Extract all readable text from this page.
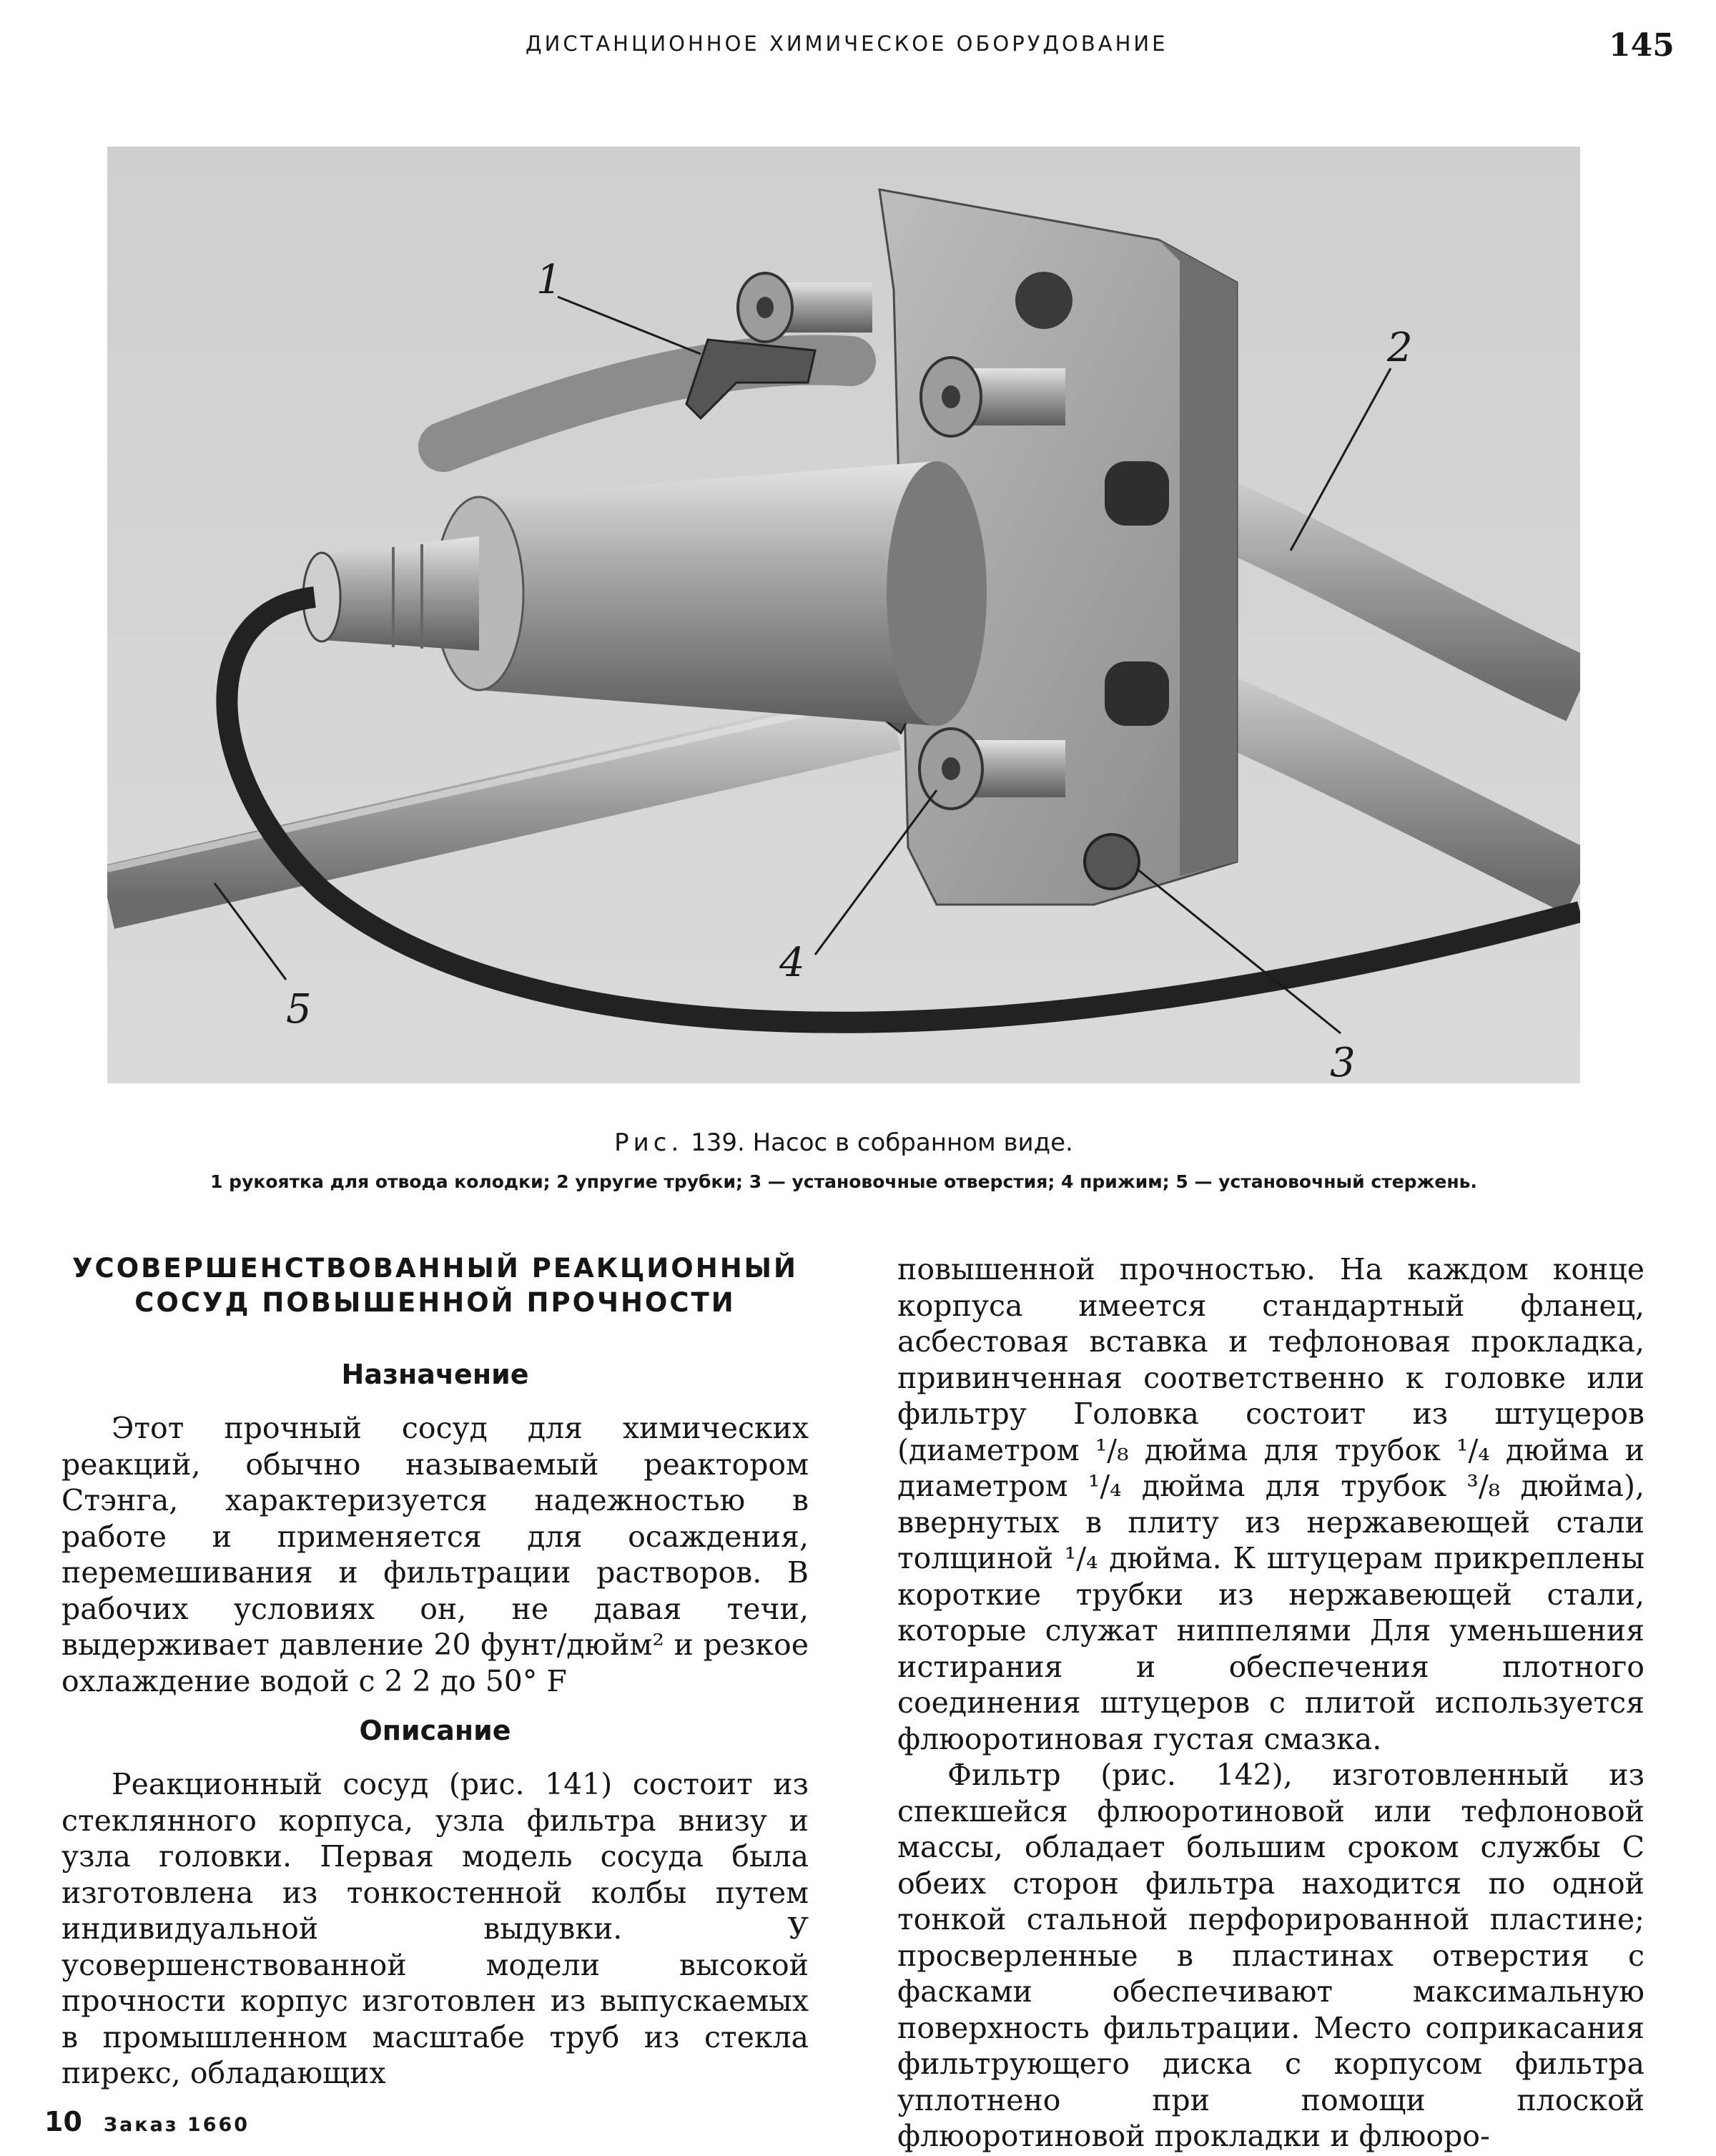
ДИСТАНЦИОННОЕ ХИМИЧЕСКОЕ ОБОРУДОВАНИЕ	145
1
2
3
4
5
Рис. 139. Насос в собранном виде.
1 рукоятка для отвода колодки; 2 упругие трубки; 3 — установочные отверстия; 4 прижим; 5 — установочный стержень.
УСОВЕРШЕНСТВОВАННЫЙ РЕАКЦИОННЫЙ СОСУД ПОВЫШЕННОЙ ПРОЧНОСТИ
Назначение

Этот прочный сосуд для химических реакций, обычно называемый реактором Стэнга, характеризуется надежностью в работе и применяется для осаждения, перемешивания и фильтрации растворов. В рабочих условиях он, не давая течи, выдерживает давление 20 фунт/дюйм² и резкое охлаждение водой с 2 2 до 50° F

Описание

Реакционный сосуд (рис. 141) состоит из стеклянного корпуса, узла фильтра внизу и узла головки. Первая модель сосуда была изготовлена из тонкостенной колбы путем индивидуальной выдувки. У усовершенствованной модели высокой прочности корпус изготовлен из выпускаемых в промышленном масштабе труб из стекла пирекс, обладающих

повышенной прочностью. На каждом конце корпуса имеется стандартный фланец, асбестовая вставка и тефлоновая прокладка, привинченная соответственно к головке или фильтру Головка состоит из штуцеров (диаметром ¹/₈ дюйма для трубок ¹/₄ дюйма и диаметром ¹/₄ дюйма для трубок ³/₈ дюйма), ввернутых в плиту из нержавеющей стали толщиной ¹/₄ дюйма. К штуцерам прикреплены короткие трубки из нержавеющей стали, которые служат ниппелями Для уменьшения истирания и обеспечения плотного соединения штуцеров с плитой используется флюоротиновая густая смазка.

Фильтр (рис. 142), изготовленный из спекшейся флюоротиновой или тефлоновой массы, обладает большим сроком службы С обеих сторон фильтра находится по одной тонкой стальной перфорированной пластине; просверленные в пластинах отверстия с фасками обеспечивают максимальную поверхность фильтрации. Место соприкасания фильтрующего диска с корпусом фильтра уплотнено при помощи плоской флюоротиновой прокладки и флюоро-

10 Заказ 1660
